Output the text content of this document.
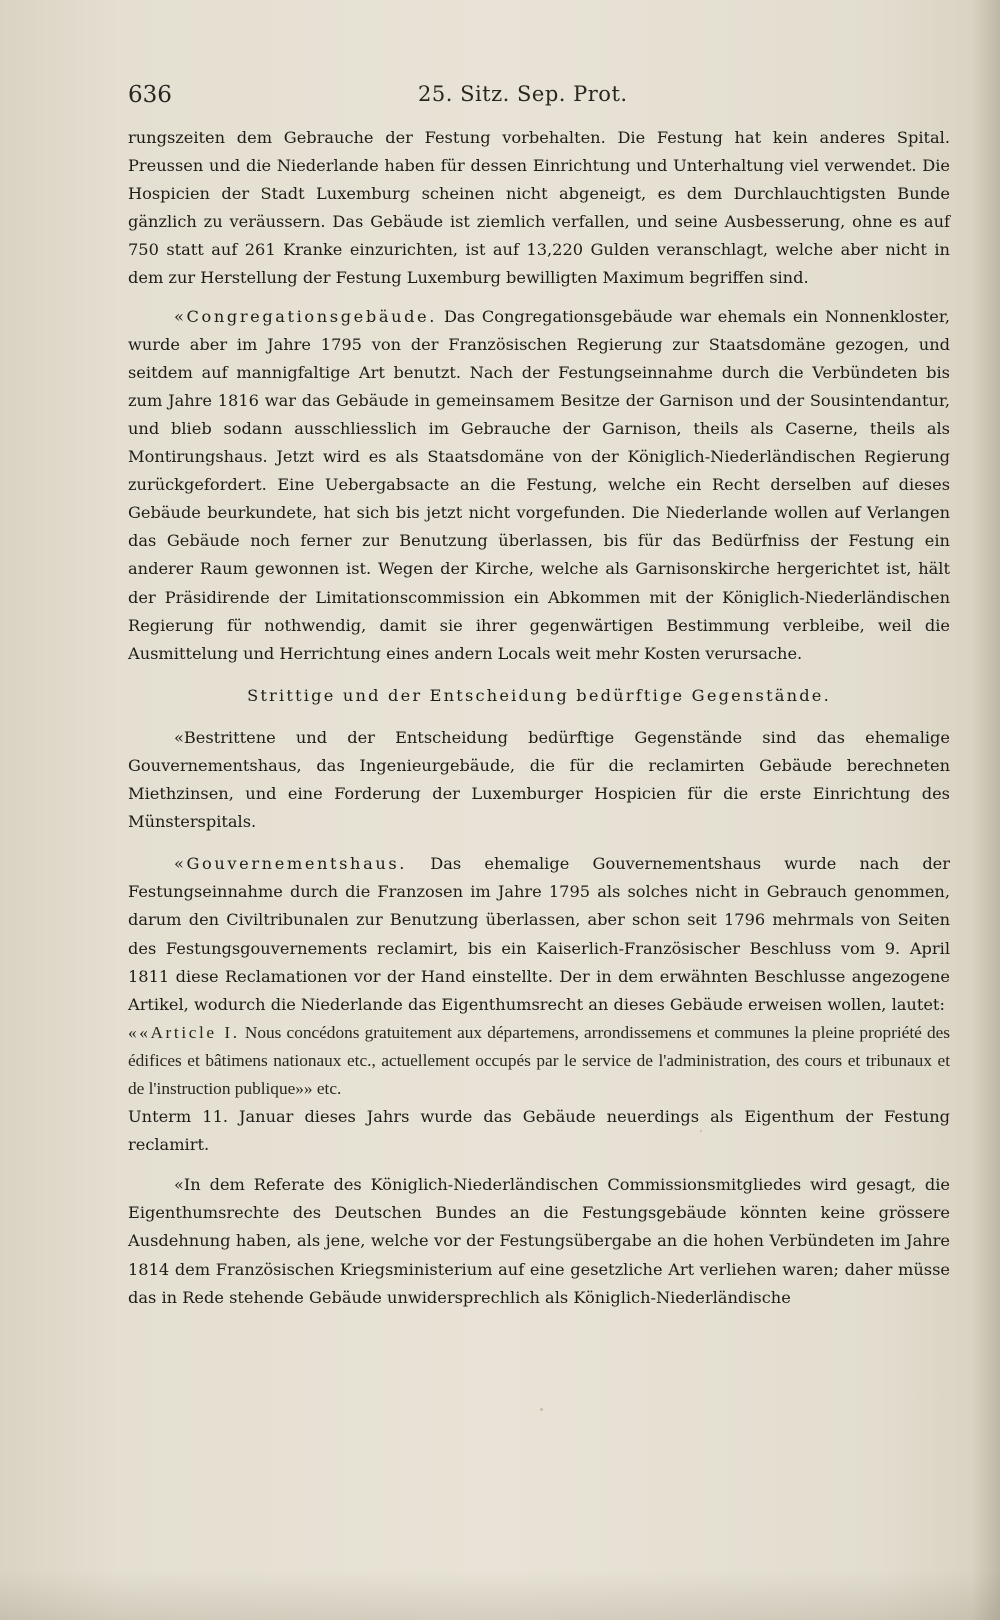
636	25. Sitz. Sep. Prot.

rungszeiten dem Gebrauche der Festung vorbehalten. Die Festung hat kein anderes Spital. Preussen und die Niederlande haben für dessen Einrichtung und Unterhaltung viel verwendet. Die Hospicien der Stadt Luxemburg scheinen nicht abgeneigt, es dem Durchlauchtigsten Bunde gänzlich zu veräussern. Das Gebäude ist ziemlich verfallen, und seine Ausbesserung, ohne es auf 750 statt auf 261 Kranke einzurichten, ist auf 13,220 Gulden veranschlagt, welche aber nicht in dem zur Herstellung der Festung Luxemburg bewilligten Maximum begriffen sind.

«Congregationsgebäude. Das Congregationsgebäude war ehemals ein Nonnenkloster, wurde aber im Jahre 1795 von der Französischen Regierung zur Staatsdomäne gezogen, und seitdem auf mannigfaltige Art benutzt. Nach der Festungseinnahme durch die Verbündeten bis zum Jahre 1816 war das Gebäude in gemeinsamem Besitze der Garnison und der Sousintendantur, und blieb sodann ausschliesslich im Gebrauche der Garnison, theils als Caserne, theils als Montirungshaus. Jetzt wird es als Staatsdomäne von der Königlich-Niederländischen Regierung zurückgefordert. Eine Uebergabsacte an die Festung, welche ein Recht derselben auf dieses Gebäude beurkundete, hat sich bis jetzt nicht vorgefunden. Die Niederlande wollen auf Verlangen das Gebäude noch ferner zur Benutzung überlassen, bis für das Bedürfniss der Festung ein anderer Raum gewonnen ist. Wegen der Kirche, welche als Garnisonskirche hergerichtet ist, hält der Präsidirende der Limitationscommission ein Abkommen mit der Königlich-Niederländischen Regierung für nothwendig, damit sie ihrer gegenwärtigen Bestimmung verbleibe, weil die Ausmittelung und Herrichtung eines andern Locals weit mehr Kosten verursache.

Strittige und der Entscheidung bedürftige Gegenstände.

«Bestrittene und der Entscheidung bedürftige Gegenstände sind das ehemalige Gouvernementshaus, das Ingenieurgebäude, die für die reclamirten Gebäude berechneten Miethzinsen, und eine Forderung der Luxemburger Hospicien für die erste Einrichtung des Münsterspitals.

«Gouvernementshaus. Das ehemalige Gouvernementshaus wurde nach der Festungseinnahme durch die Franzosen im Jahre 1795 als solches nicht in Gebrauch genommen, darum den Civiltribunalen zur Benutzung überlassen, aber schon seit 1796 mehrmals von Seiten des Festungsgouvernements reclamirt, bis ein Kaiserlich-Französischer Beschluss vom 9. April 1811 diese Reclamationen vor der Hand einstellte. Der in dem erwähnten Beschlusse angezogene Artikel, wodurch die Niederlande das Eigenthumsrecht an dieses Gebäude erweisen wollen, lautet:

««Article I. Nous concédons gratuitement aux départemens, arrondissemens et communes la pleine propriété des édifices et bâtimens nationaux etc., actuellement occupés par le service de l'administration, des cours et tribunaux et de l'instruction publique»» etc.

Unterm 11. Januar dieses Jahrs wurde das Gebäude neuerdings als Eigenthum der Festung reclamirt.

«In dem Referate des Königlich-Niederländischen Commissionsmitgliedes wird gesagt, die Eigenthumsrechte des Deutschen Bundes an die Festungsgebäude könnten keine grössere Ausdehnung haben, als jene, welche vor der Festungsübergabe an die hohen Verbündeten im Jahre 1814 dem Französischen Kriegsministerium auf eine gesetzliche Art verliehen waren; daher müsse das in Rede stehende Gebäude unwidersprechlich als Königlich-Niederländische
